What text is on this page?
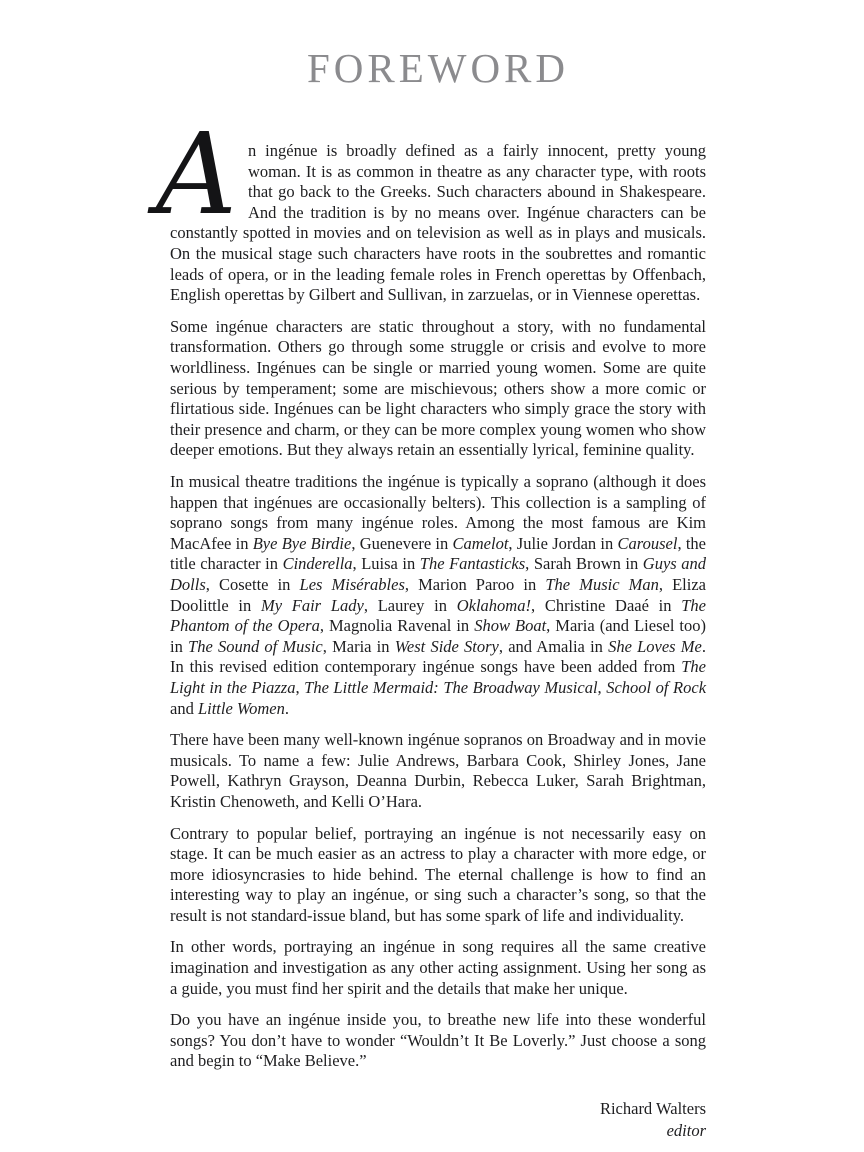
FOREWORD

A n ingénue is broadly defined as a fairly innocent, pretty young woman. It is as common in theatre as any character type, with roots that go back to the Greeks. Such characters abound in Shakespeare. And the tradition is by no means over. Ingénue characters can be constantly spotted in movies and on television as well as in plays and musicals. On the musical stage such characters have roots in the soubrettes and romantic leads of opera, or in the leading female roles in French operettas by Offenbach, English operettas by Gilbert and Sullivan, in zarzuelas, or in Viennese operettas.

Some ingénue characters are static throughout a story, with no fundamental transformation. Others go through some struggle or crisis and evolve to more worldliness. Ingénues can be single or married young women. Some are quite serious by temperament; some are mischievous; others show a more comic or flirtatious side. Ingénues can be light characters who simply grace the story with their presence and charm, or they can be more complex young women who show deeper emotions. But they always retain an essentially lyrical, feminine quality.

In musical theatre traditions the ingénue is typically a soprano (although it does happen that ingénues are occasionally belters). This collection is a sampling of soprano songs from many ingénue roles. Among the most famous are Kim MacAfee in Bye Bye Birdie, Guenevere in Camelot, Julie Jordan in Carousel, the title character in Cinderella, Luisa in The Fantasticks, Sarah Brown in Guys and Dolls, Cosette in Les Misérables, Marion Paroo in The Music Man, Eliza Doolittle in My Fair Lady, Laurey in Oklahoma!, Christine Daaé in The Phantom of the Opera, Magnolia Ravenal in Show Boat, Maria (and Liesel too) in The Sound of Music, Maria in West Side Story, and Amalia in She Loves Me. In this revised edition contemporary ingénue songs have been added from The Light in the Piazza, The Little Mermaid: The Broadway Musical, School of Rock and Little Women.

There have been many well-known ingénue sopranos on Broadway and in movie musicals. To name a few: Julie Andrews, Barbara Cook, Shirley Jones, Jane Powell, Kathryn Grayson, Deanna Durbin, Rebecca Luker, Sarah Brightman, Kristin Chenoweth, and Kelli O’Hara.

Contrary to popular belief, portraying an ingénue is not necessarily easy on stage. It can be much easier as an actress to play a character with more edge, or more idiosyncrasies to hide behind. The eternal challenge is how to find an interesting way to play an ingénue, or sing such a character’s song, so that the result is not standard-issue bland, but has some spark of life and individuality.

In other words, portraying an ingénue in song requires all the same creative imagination and investigation as any other acting assignment. Using her song as a guide, you must find her spirit and the details that make her unique.

Do you have an ingénue inside you, to breathe new life into these wonderful songs? You don’t have to wonder “Wouldn’t It Be Loverly.” Just choose a song and begin to “Make Believe.”

Richard Walters
editor
